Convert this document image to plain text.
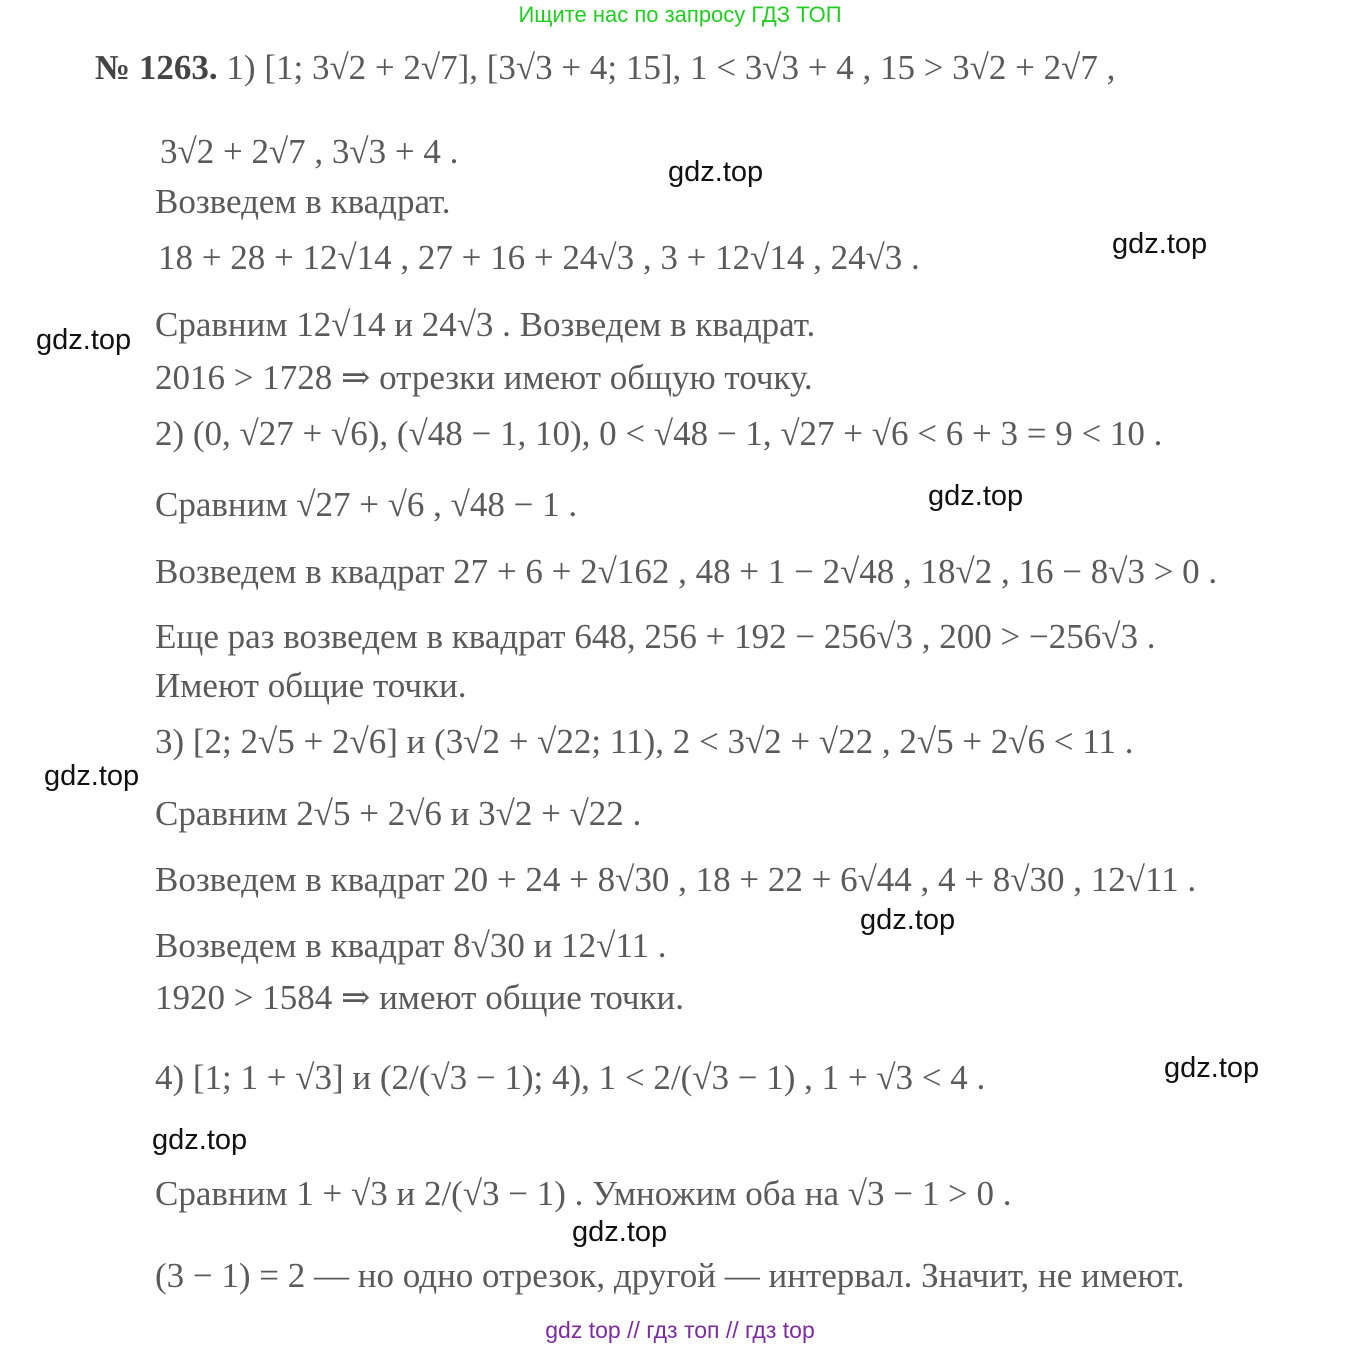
Ищите нас по запросу ГДЗ ТОП
№ 1263. 1) [1; 3√2 + 2√7], [3√3 + 4; 15], 1 < 3√3 + 4 , 15 > 3√2 + 2√7 ,
3√2 + 2√7 , 3√3 + 4 .
Возведем в квадрат.
18 + 28 + 12√14 , 27 + 16 + 24√3 , 3 + 12√14 , 24√3 .
Сравним 12√14 и 24√3 . Возведем в квадрат.
2016 > 1728 ⇒ отрезки имеют общую точку.
2) (0, √27 + √6), (√48 − 1, 10), 0 < √48 − 1, √27 + √6 < 6 + 3 = 9 < 10 .
Сравним √27 + √6 , √48 − 1 .
Возведем в квадрат 27 + 6 + 2√162 , 48 + 1 − 2√48 , 18√2 , 16 − 8√3 > 0 .
Еще раз возведем в квадрат 648, 256 + 192 − 256√3 , 200 > −256√3 .
Имеют общие точки.
3) [2; 2√5 + 2√6] и (3√2 + √22; 11), 2 < 3√2 + √22 , 2√5 + 2√6 < 11 .
Сравним 2√5 + 2√6 и 3√2 + √22 .
Возведем в квадрат 20 + 24 + 8√30 , 18 + 22 + 6√44 , 4 + 8√30 , 12√11 .
Возведем в квадрат 8√30 и 12√11 .
1920 > 1584 ⇒ имеют общие точки.
4) [1; 1 + √3] и (2/(√3 − 1); 4), 1 < 2/(√3 − 1) , 1 + √3 < 4 .
Сравним 1 + √3 и 2/(√3 − 1) . Умножим оба на √3 − 1 > 0 .
(3 − 1) = 2 — но одно отрезок, другой — интервал. Значит, не имеют.
gdz.top
gdz.top
gdz.top
gdz.top
gdz.top
gdz.top
gdz.top
gdz.top
gdz.top
gdz top // гдз топ // гдз top
